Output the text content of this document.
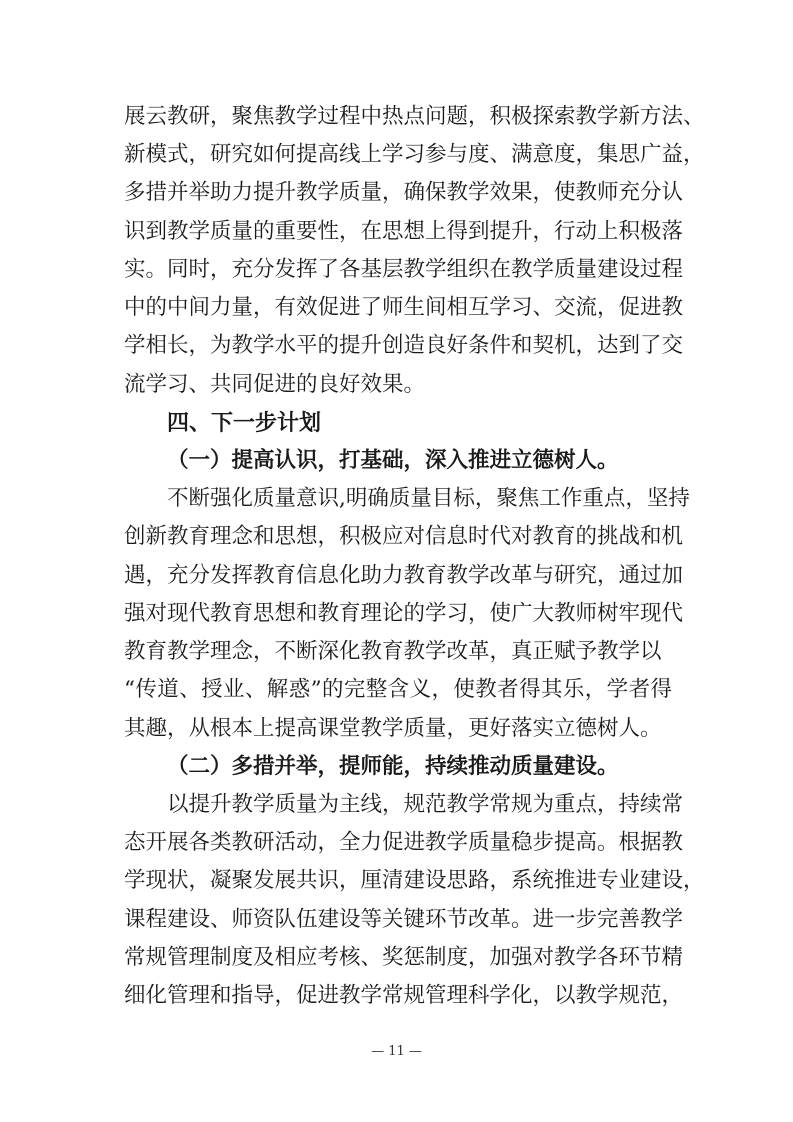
展云教研，聚焦教学过程中热点问题，积极探索教学新方法、
新模式，研究如何提高线上学习参与度、满意度，集思广益，
多措并举助力提升教学质量，确保教学效果，使教师充分认
识到教学质量的重要性，在思想上得到提升，行动上积极落
实。同时，充分发挥了各基层教学组织在教学质量建设过程
中的中间力量，有效促进了师生间相互学习、交流，促进教
学相长，为教学水平的提升创造良好条件和契机，达到了交
流学习、共同促进的良好效果。
四、下一步计划
（一）提高认识，打基础，深入推进立德树人。
不断强化质量意识,明确质量目标，聚焦工作重点，坚持
创新教育理念和思想，积极应对信息时代对教育的挑战和机
遇，充分发挥教育信息化助力教育教学改革与研究，通过加
强对现代教育思想和教育理论的学习，使广大教师树牢现代
教育教学理念，不断深化教育教学改革，真正赋予教学以
“传道、授业、解惑”的完整含义，使教者得其乐，学者得
其趣，从根本上提高课堂教学质量，更好落实立德树人。
（二）多措并举，提师能，持续推动质量建设。
以提升教学质量为主线，规范教学常规为重点，持续常
态开展各类教研活动，全力促进教学质量稳步提高。根据教
学现状，凝聚发展共识，厘清建设思路，系统推进专业建设，
课程建设、师资队伍建设等关键环节改革。进一步完善教学
常规管理制度及相应考核、奖惩制度，加强对教学各环节精
细化管理和指导，促进教学常规管理科学化，以教学规范，
— 11 —
